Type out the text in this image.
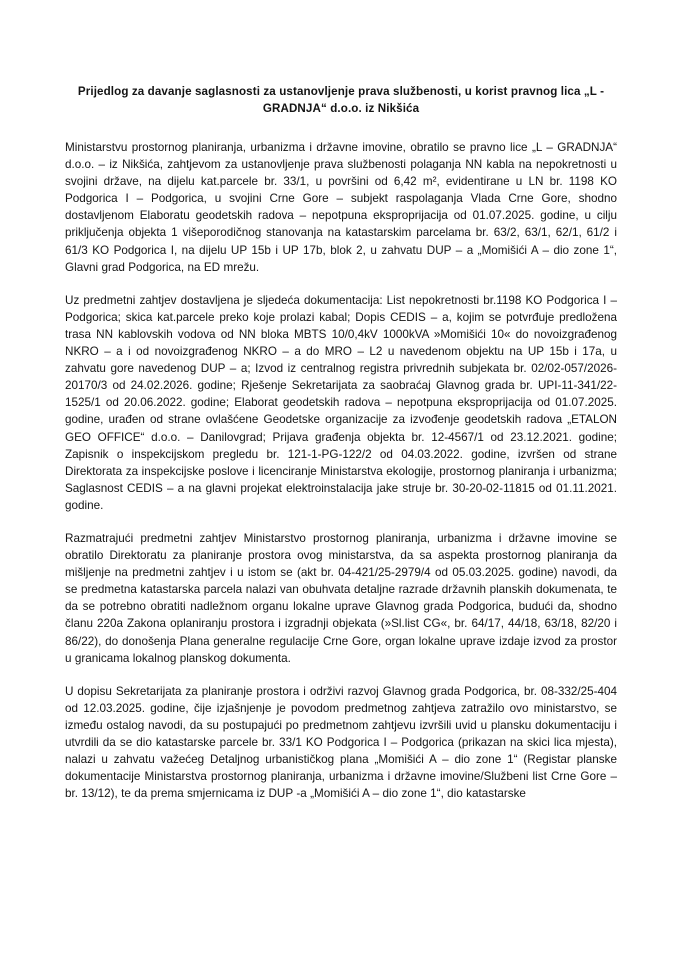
Prijedlog za davanje saglasnosti za ustanovljenje prava službenosti, u korist pravnog lica „L - GRADNJA“ d.o.o. iz Nikšića

Ministarstvu prostornog planiranja, urbanizma i državne imovine, obratilo se pravno lice „L – GRADNJA“ d.o.o. – iz Nikšića, zahtjevom za ustanovljenje prava službenosti polaganja NN kabla na nepokretnosti u svojini države, na dijelu kat.parcele br. 33/1, u površini od 6,42 m², evidentirane u LN br. 1198 KO Podgorica I – Podgorica, u svojini Crne Gore – subjekt raspolaganja Vlada Crne Gore, shodno dostavljenom Elaboratu geodetskih radova – nepotpuna eksproprijacija od 01.07.2025. godine, u cilju priključenja objekta 1 višeporodičnog stanovanja na katastarskim parcelama br. 63/2, 63/1, 62/1, 61/2 i 61/3 KO Podgorica I, na dijelu UP 15b i UP 17b, blok 2, u zahvatu DUP – a „Momišići A – dio zone 1“, Glavni grad Podgorica, na ED mrežu.

Uz predmetni zahtjev dostavljena je sljedeća dokumentacija: List nepokretnosti br.1198 KO Podgorica I – Podgorica; skica kat.parcele preko koje prolazi kabal; Dopis CEDIS – a, kojim se potvrđuje predložena trasa NN kablovskih vodova od NN bloka MBTS 10/0,4kV 1000kVA »Momišići 10« do novoizgrađenog NKRO – a i od novoizgrađenog NKRO – a do MRO – L2 u navedenom objektu na UP 15b i 17a, u zahvatu gore navedenog DUP – a; Izvod iz centralnog registra privrednih subjekata br. 02/02-057/2026-20170/3 od 24.02.2026. godine; Rješenje Sekretarijata za saobraćaj Glavnog grada br. UPI-11-341/22-1525/1 od 20.06.2022. godine; Elaborat geodetskih radova – nepotpuna eksproprijacija od 01.07.2025. godine, urađen od strane ovlašćene Geodetske organizacije za izvođenje geodetskih radova „ETALON GEO OFFICE“ d.o.o. – Danilovgrad; Prijava građenja objekta br. 12-4567/1 od 23.12.2021. godine; Zapisnik o inspekcijskom pregledu br. 121-1-PG-122/2 od 04.03.2022. godine, izvršen od strane Direktorata za inspekcijske poslove i licenciranje Ministarstva ekologije, prostornog planiranja i urbanizma; Saglasnost CEDIS – a na glavni projekat elektroinstalacija jake struje br. 30-20-02-11815 od 01.11.2021. godine.

Razmatrajući predmetni zahtjev Ministarstvo prostornog planiranja, urbanizma i državne imovine se obratilo Direktoratu za planiranje prostora ovog ministarstva, da sa aspekta prostornog planiranja da mišljenje na predmetni zahtjev i u istom se (akt br. 04-421/25-2979/4 od 05.03.2025. godine) navodi, da se predmetna katastarska parcela nalazi van obuhvata detaljne razrade državnih planskih dokumenata, te da se potrebno obratiti nadležnom organu lokalne uprave Glavnog grada Podgorica, budući da, shodno članu 220a Zakona oplaniranju prostora i izgradnji objekata (»Sl.list CG«, br. 64/17, 44/18, 63/18, 82/20 i 86/22), do donošenja Plana generalne regulacije Crne Gore, organ lokalne uprave izdaje izvod za prostor u granicama lokalnog planskog dokumenta.

U dopisu Sekretarijata za planiranje prostora i održivi razvoj Glavnog grada Podgorica, br. 08-332/25-404 od 12.03.2025. godine, čije izjašnjenje je povodom predmetnog zahtjeva zatražilo ovo ministarstvo, se između ostalog navodi, da su postupajući po predmetnom zahtjevu izvršili uvid u plansku dokumentaciju i utvrdili da se dio katastarske parcele br. 33/1 KO Podgorica I – Podgorica (prikazan na skici lica mjesta), nalazi u zahvatu važećeg Detaljnog urbanističkog plana „Momišići A – dio zone 1“ (Registar planske dokumentacije Ministarstva prostornog planiranja, urbanizma i državne imovine/Službeni list Crne Gore – br. 13/12), te da prema smjernicama iz DUP -a „Momišići A – dio zone 1“, dio katastarske
